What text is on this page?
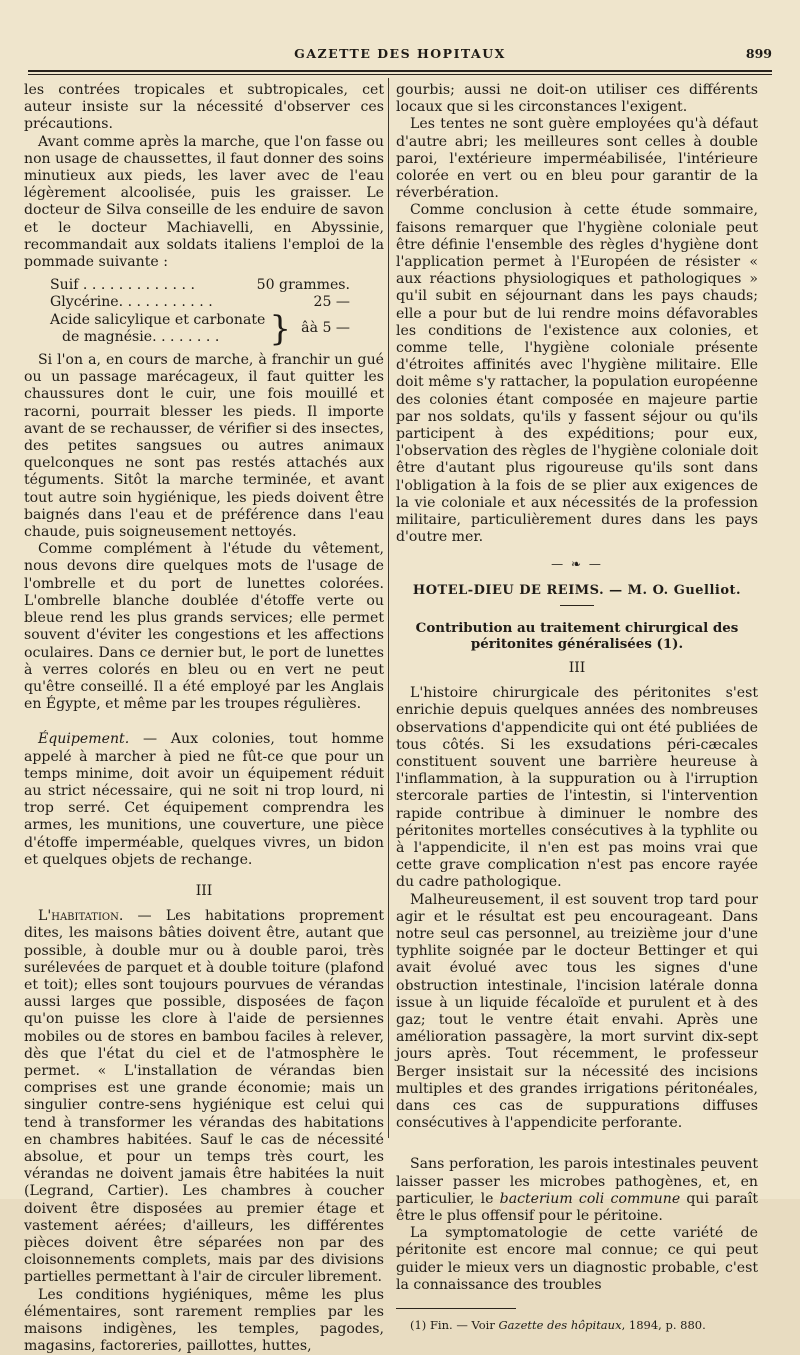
GAZETTE DES HOPITAUX	899

les contrées tropicales et subtropicales, cet auteur insiste sur la nécessité d'observer ces précautions.

Avant comme après la marche, que l'on fasse ou non usage de chaussettes, il faut donner des soins minutieux aux pieds, les laver avec de l'eau légèrement alcoolisée, puis les graisser. Le docteur de Silva conseille de les enduire de savon et le docteur Machiavelli, en Abyssinie, recommandait aux soldats italiens l'emploi de la pommade suivante :

Suif . . . . . . . . . . . . .	50 grammes.
Glycérine. . . . . . . . . . .	25 —
Acide salicylique et carbonate
de magnésie. . . . . . . .	} âà 5 —

Si l'on a, en cours de marche, à franchir un gué ou un passage marécageux, il faut quitter les chaussures dont le cuir, une fois mouillé et racorni, pourrait blesser les pieds. Il importe avant de se rechausser, de vérifier si des insectes, des petites sangsues ou autres animaux quelconques ne sont pas restés attachés aux téguments. Sitôt la marche terminée, et avant tout autre soin hygiénique, les pieds doivent être baignés dans l'eau et de préférence dans l'eau chaude, puis soigneusement nettoyés.

Comme complément à l'étude du vêtement, nous devons dire quelques mots de l'usage de l'ombrelle et du port de lunettes colorées. L'ombrelle blanche doublée d'étoffe verte ou bleue rend les plus grands services; elle permet souvent d'éviter les congestions et les affections oculaires. Dans ce dernier but, le port de lunettes à verres colorés en bleu ou en vert ne peut qu'être conseillé. Il a été employé par les Anglais en Égypte, et même par les troupes régulières.

Équipement. — Aux colonies, tout homme appelé à marcher à pied ne fût-ce que pour un temps minime, doit avoir un équipement réduit au strict nécessaire, qui ne soit ni trop lourd, ni trop serré. Cet équipement comprendra les armes, les munitions, une couverture, une pièce d'étoffe imperméable, quelques vivres, un bidon et quelques objets de rechange.

III

L'habitation. — Les habitations proprement dites, les maisons bâties doivent être, autant que possible, à double mur ou à double paroi, très surélevées de parquet et à double toiture (plafond et toit); elles sont toujours pourvues de vérandas aussi larges que possible, disposées de façon qu'on puisse les clore à l'aide de persiennes mobiles ou de stores en bambou faciles à relever, dès que l'état du ciel et de l'atmosphère le permet. « L'installation de vérandas bien comprises est une grande économie; mais un singulier contre-sens hygiénique est celui qui tend à transformer les vérandas des habitations en chambres habitées. Sauf le cas de nécessité absolue, et pour un temps très court, les vérandas ne doivent jamais être habitées la nuit (Legrand, Cartier). Les chambres à coucher doivent être disposées au premier étage et vastement aérées; d'ailleurs, les différentes pièces doivent être séparées non par des cloisonnements complets, mais par des divisions partielles permettant à l'air de circuler librement.

Les conditions hygiéniques, même les plus élémentaires, sont rarement remplies par les maisons indigènes, les temples, pagodes, magasins, factoreries, paillottes, huttes,

gourbis; aussi ne doit-on utiliser ces différents locaux que si les circonstances l'exigent.

Les tentes ne sont guère employées qu'à défaut d'autre abri; les meilleures sont celles à double paroi, l'extérieure imperméabilisée, l'intérieure colorée en vert ou en bleu pour garantir de la réverbération.

Comme conclusion à cette étude sommaire, faisons remarquer que l'hygiène coloniale peut être définie l'ensemble des règles d'hygiène dont l'application permet à l'Européen de résister « aux réactions physiologiques et pathologiques » qu'il subit en séjournant dans les pays chauds; elle a pour but de lui rendre moins défavorables les conditions de l'existence aux colonies, et comme telle, l'hygiène coloniale présente d'étroites affinités avec l'hygiène militaire. Elle doit même s'y rattacher, la population européenne des colonies étant composée en majeure partie par nos soldats, qu'ils y fassent séjour ou qu'ils participent à des expéditions; pour eux, l'observation des règles de l'hygiène coloniale doit être d'autant plus rigoureuse qu'ils sont dans l'obligation à la fois de se plier aux exigences de la vie coloniale et aux nécessités de la profession militaire, particulièrement dures dans les pays d'outre mer.

— ❧ —
HOTEL-DIEU DE REIMS. — M. O. Guelliot.
Contribution au traitement chirurgical des péritonites généralisées (1).
III

L'histoire chirurgicale des péritonites s'est enrichie depuis quelques années des nombreuses observations d'appendicite qui ont été publiées de tous côtés. Si les exsudations péri-cæcales constituent souvent une barrière heureuse à l'inflammation, à la suppuration ou à l'irruption stercorale parties de l'intestin, si l'intervention rapide contribue à diminuer le nombre des péritonites mortelles consécutives à la typhlite ou à l'appendicite, il n'en est pas moins vrai que cette grave complication n'est pas encore rayée du cadre pathologique.

Malheureusement, il est souvent trop tard pour agir et le résultat est peu encourageant. Dans notre seul cas personnel, au treizième jour d'une typhlite soignée par le docteur Bettinger et qui avait évolué avec tous les signes d'une obstruction intestinale, l'incision latérale donna issue à un liquide fécaloïde et purulent et à des gaz; tout le ventre était envahi. Après une amélioration passagère, la mort survint dix-sept jours après. Tout récemment, le professeur Berger insistait sur la nécessité des incisions multiples et des grandes irrigations péritonéales, dans ces cas de suppurations diffuses consécutives à l'appendicite perforante.

Sans perforation, les parois intestinales peuvent laisser passer les microbes pathogènes, et, en particulier, le bacterium coli commune qui paraît être le plus offensif pour le péritoine.

La symptomatologie de cette variété de péritonite est encore mal connue; ce qui peut guider le mieux vers un diagnostic probable, c'est la connaissance des troubles

(1) Fin. — Voir Gazette des hôpitaux, 1894, p. 880.
